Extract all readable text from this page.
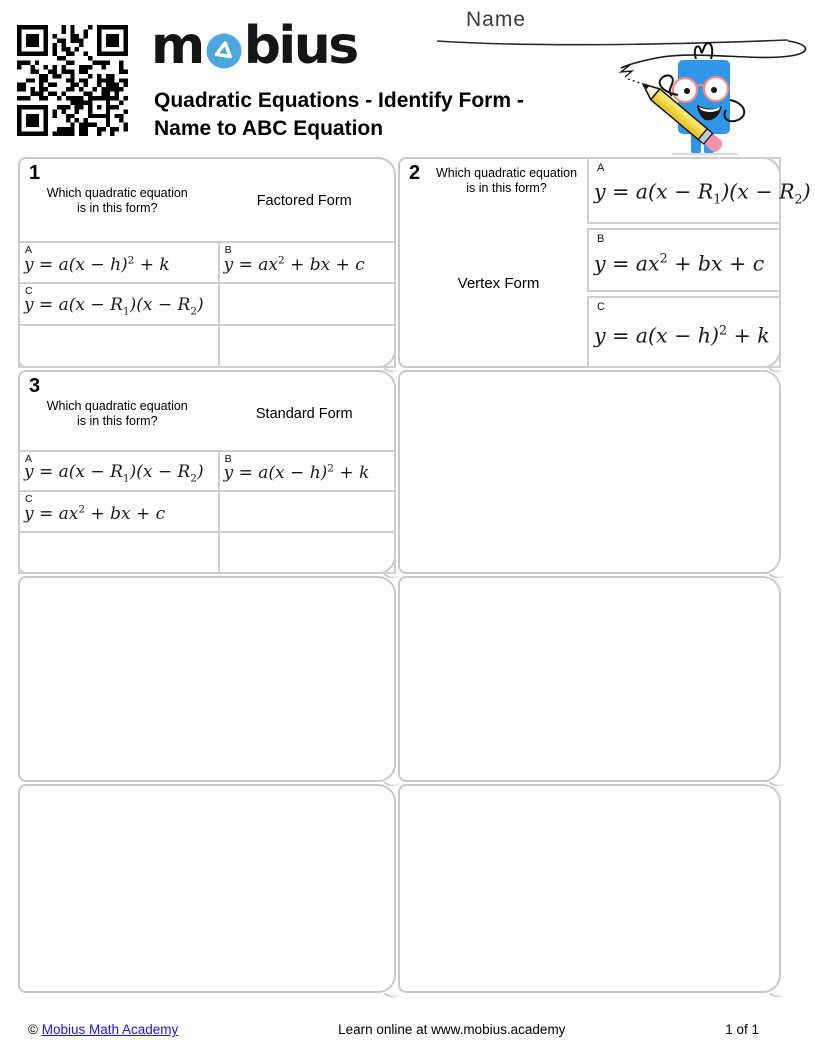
m bius
Quadratic Equations - Identify Form -
Name to ABC Equation
Name
1
Which quadratic equation is in this form?	Factored Form
A
$y = a(x - h)^2 + k$	B
$y = ax^2$ + bx + c

C
$y = a(x - R_1)(x - R_2)$	

2	Which quadratic equation is in this form?
Vertex Form
A
$y = a(x - R_1)(x - R_2)$
B
$y = ax^2$ + bx + c
C
$y = a(x - h)^2 + k$
3
Which quadratic equation is in this form?	Standard Form
A
$y = a(x - R_1)(x - R_2)$	B
$y = a(x - h)^2 + k$

C
$y = ax^2$ + bx + c	

© Mobius Math Academy	Learn online at www.mobius.academy	1 of 1
